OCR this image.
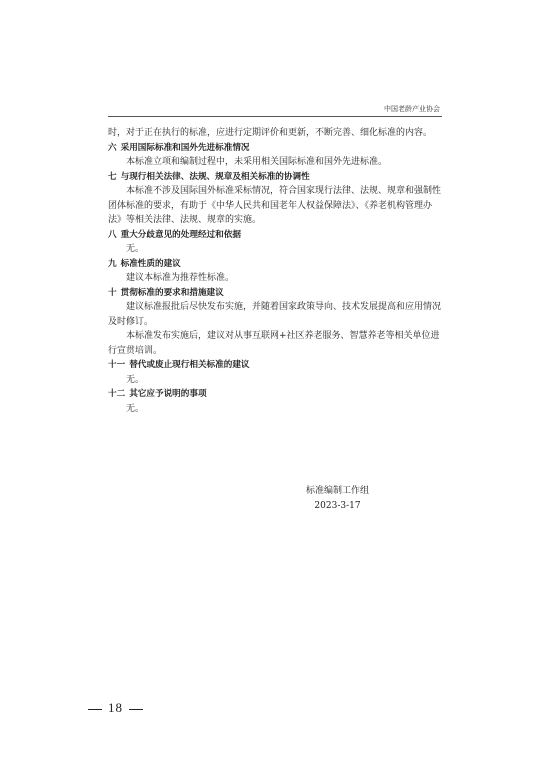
中国老龄产业协会

时，对于正在执行的标准，应进行定期评价和更新，不断完善、细化标准的内容。

六 采用国际标准和国外先进标准情况

本标准立项和编制过程中，未采用相关国际标准和国外先进标准。

七 与现行相关法律、法规、规章及相关标准的协调性

本标准不涉及国际国外标准采标情况，符合国家现行法律、法规、规章和强制性团体标准的要求，有助于《中华人民共和国老年人权益保障法》、《养老机构管理办法》等相关法律、法规、规章的实施。

八 重大分歧意见的处理经过和依据

无。

九 标准性质的建议

建议本标准为推荐性标准。

十 贯彻标准的要求和措施建议

建议标准报批后尽快发布实施，并随着国家政策导向、技术发展提高和应用情况及时修订。

本标准发布实施后，建议对从事互联网+社区养老服务、智慧养老等相关单位进行宣贯培训。

十一 替代或废止现行相关标准的建议

无。

十二 其它应予说明的事项

无。

标准编制工作组
2023-3-17
18
